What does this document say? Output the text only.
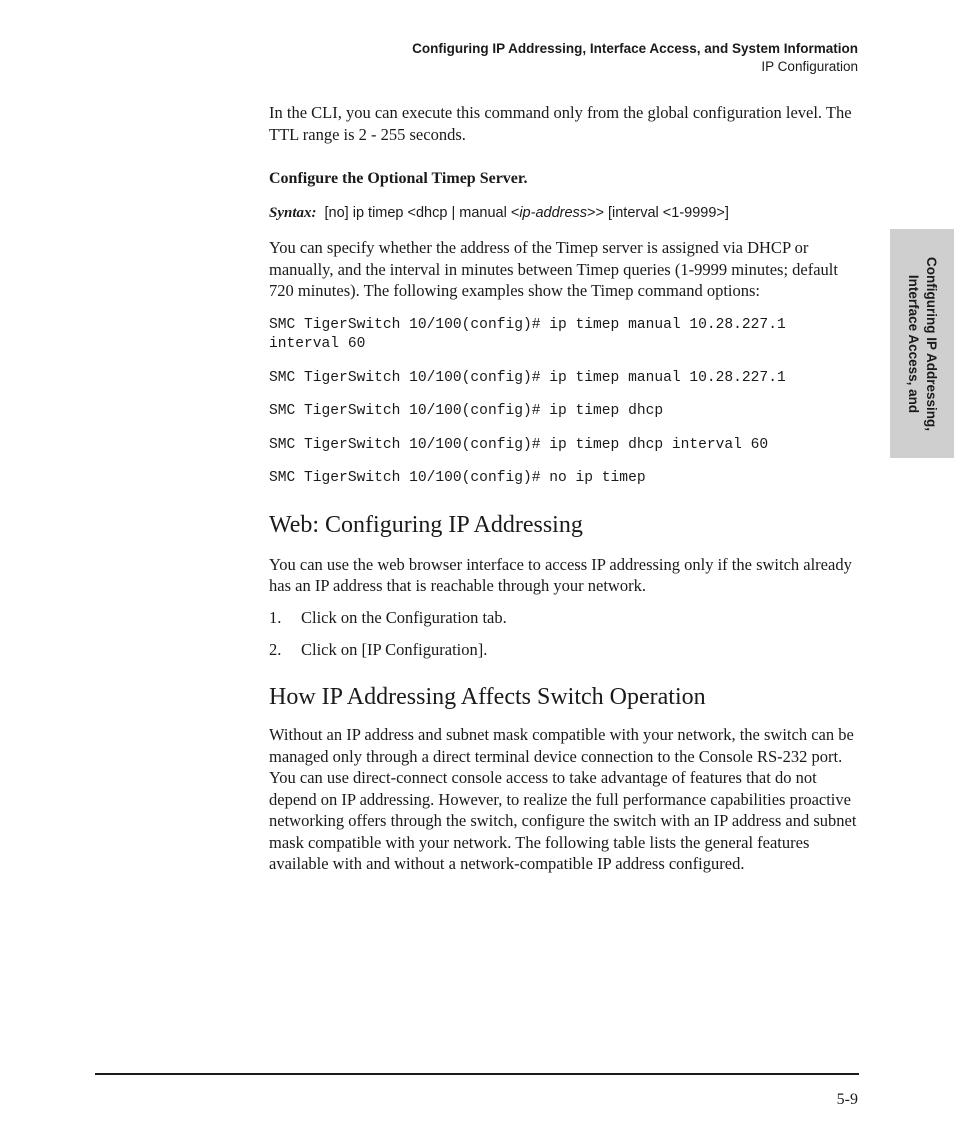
Configuring IP Addressing, Interface Access, and System Information
IP Configuration
Configuring IP Addressing, Interface Access, and

In the CLI, you can execute this command only from the global configuration level. The TTL range is 2 - 255 seconds.

Configure the Optional Timep Server.

Syntax: [no] ip timep <dhcp | manual <ip-address>> [interval <1-9999>]

You can specify whether the address of the Timep server is assigned via DHCP or manually, and the interval in minutes between Timep queries (1-9999 minutes; default 720 minutes). The following examples show the Timep command options:

SMC TigerSwitch 10/100(config)# ip timep manual 10.28.227.1
interval 60
SMC TigerSwitch 10/100(config)# ip timep manual 10.28.227.1
SMC TigerSwitch 10/100(config)# ip timep dhcp
SMC TigerSwitch 10/100(config)# ip timep dhcp interval 60
SMC TigerSwitch 10/100(config)# no ip timep
Web: Configuring IP Addressing

You can use the web browser interface to access IP addressing only if the switch already has an IP address that is reachable through your network.

1. Click on the Configuration tab.
2. Click on [IP Configuration].
How IP Addressing Affects Switch Operation

Without an IP address and subnet mask compatible with your network, the switch can be managed only through a direct terminal device connection to the Console RS-232 port. You can use direct-connect console access to take advantage of features that do not depend on IP addressing. However, to realize the full performance capabilities proactive networking offers through the switch, configure the switch with an IP address and subnet mask compatible with your network. The following table lists the general features available with and without a network-compatible IP address configured.

5-9
